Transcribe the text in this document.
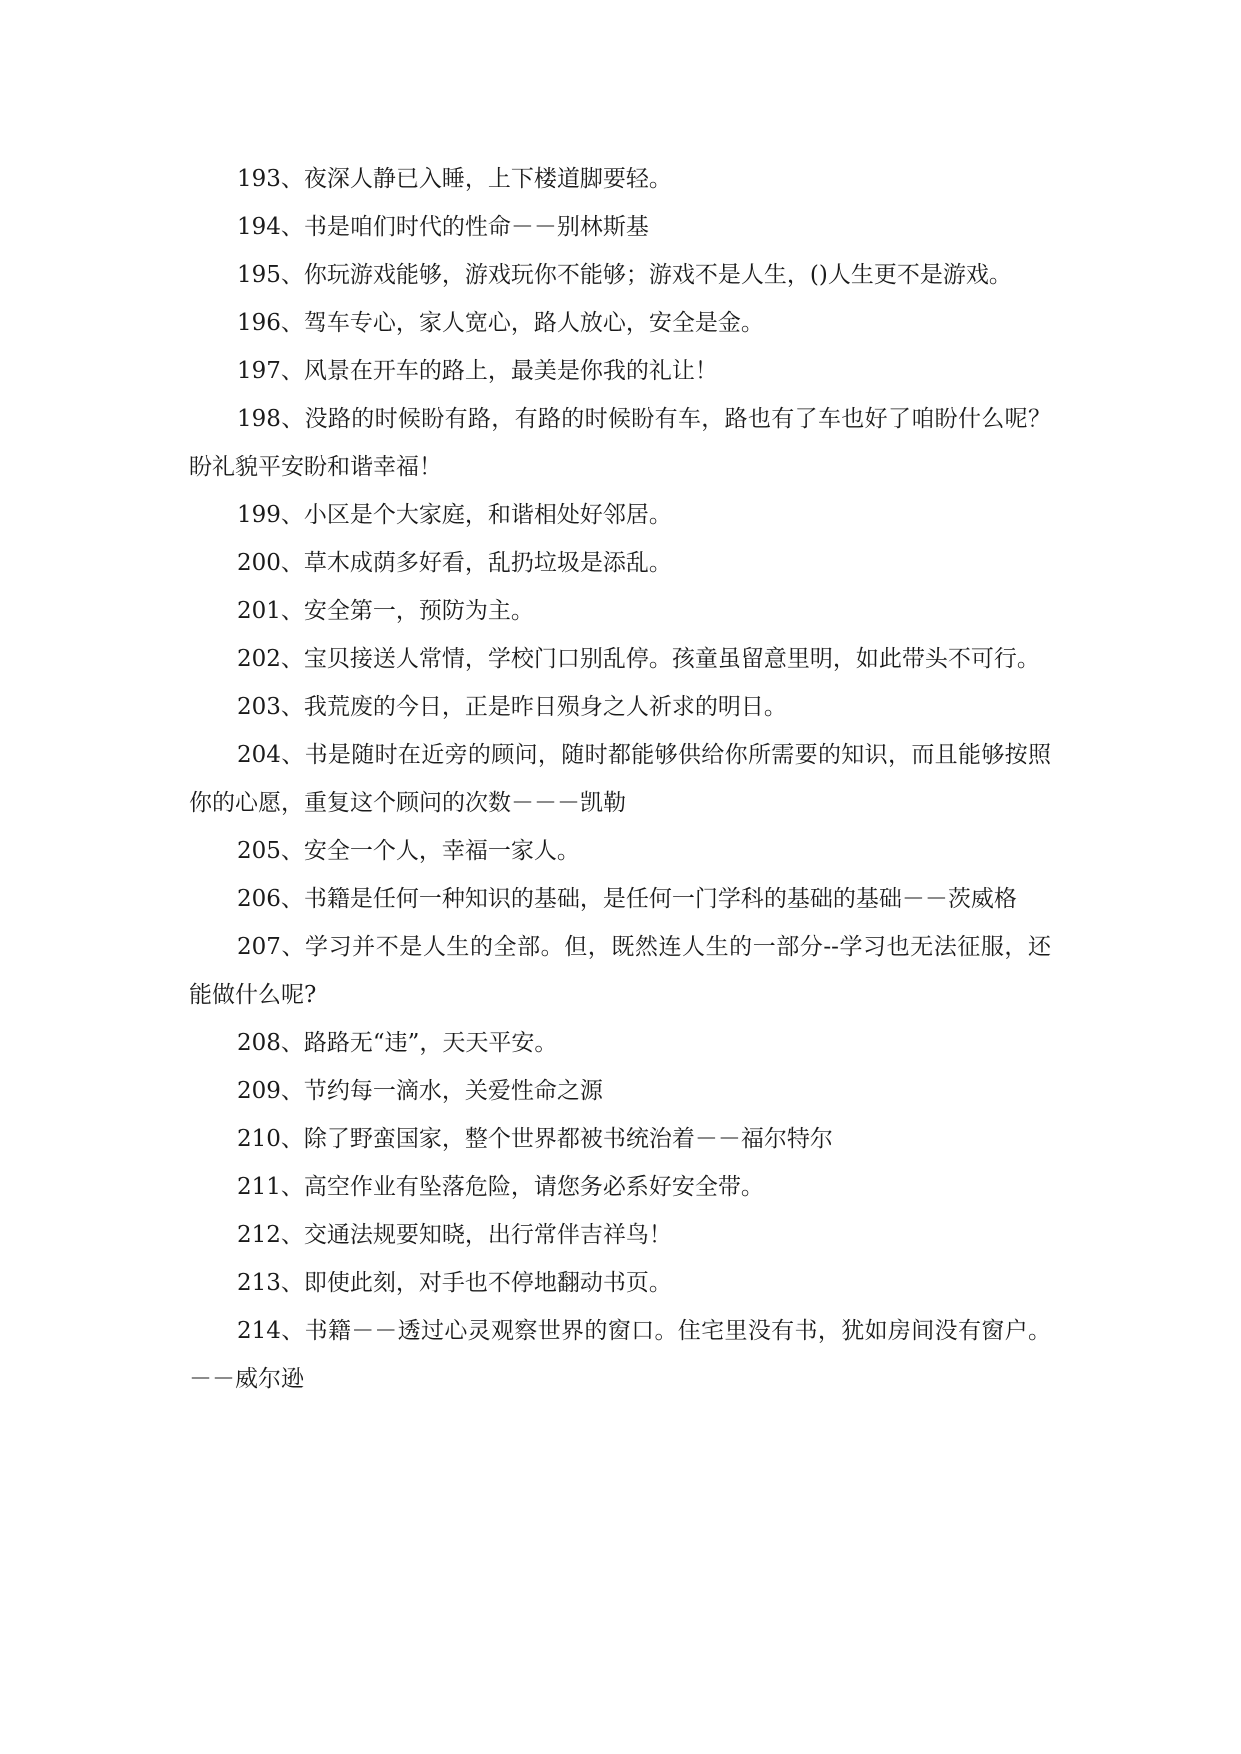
193、夜深人静已入睡，上下楼道脚要轻。

194、书是咱们时代的性命－－别林斯基

195、你玩游戏能够，游戏玩你不能够；游戏不是人生，()人生更不是游戏。

196、驾车专心，家人宽心，路人放心，安全是金。

197、风景在开车的路上，最美是你我的礼让！

198、没路的时候盼有路，有路的时候盼有车，路也有了车也好了咱盼什么呢？盼礼貌平安盼和谐幸福！

199、小区是个大家庭，和谐相处好邻居。

200、草木成荫多好看，乱扔垃圾是添乱。

201、安全第一，预防为主。

202、宝贝接送人常情，学校门口别乱停。孩童虽留意里明，如此带头不可行。

203、我荒废的今日，正是昨日殒身之人祈求的明日。

204、书是随时在近旁的顾问，随时都能够供给你所需要的知识，而且能够按照你的心愿，重复这个顾问的次数－－－凯勒

205、安全一个人，幸福一家人。

206、书籍是任何一种知识的基础，是任何一门学科的基础的基础－－茨威格

207、学习并不是人生的全部。但，既然连人生的一部分--学习也无法征服，还能做什么呢?

208、路路无“违”，天天平安。

209、节约每一滴水，关爱性命之源

210、除了野蛮国家，整个世界都被书统治着－－福尔特尔

211、高空作业有坠落危险，请您务必系好安全带。

212、交通法规要知晓，出行常伴吉祥鸟！

213、即使此刻，对手也不停地翻动书页。

214、书籍－－透过心灵观察世界的窗口。住宅里没有书，犹如房间没有窗户。－－威尔逊
